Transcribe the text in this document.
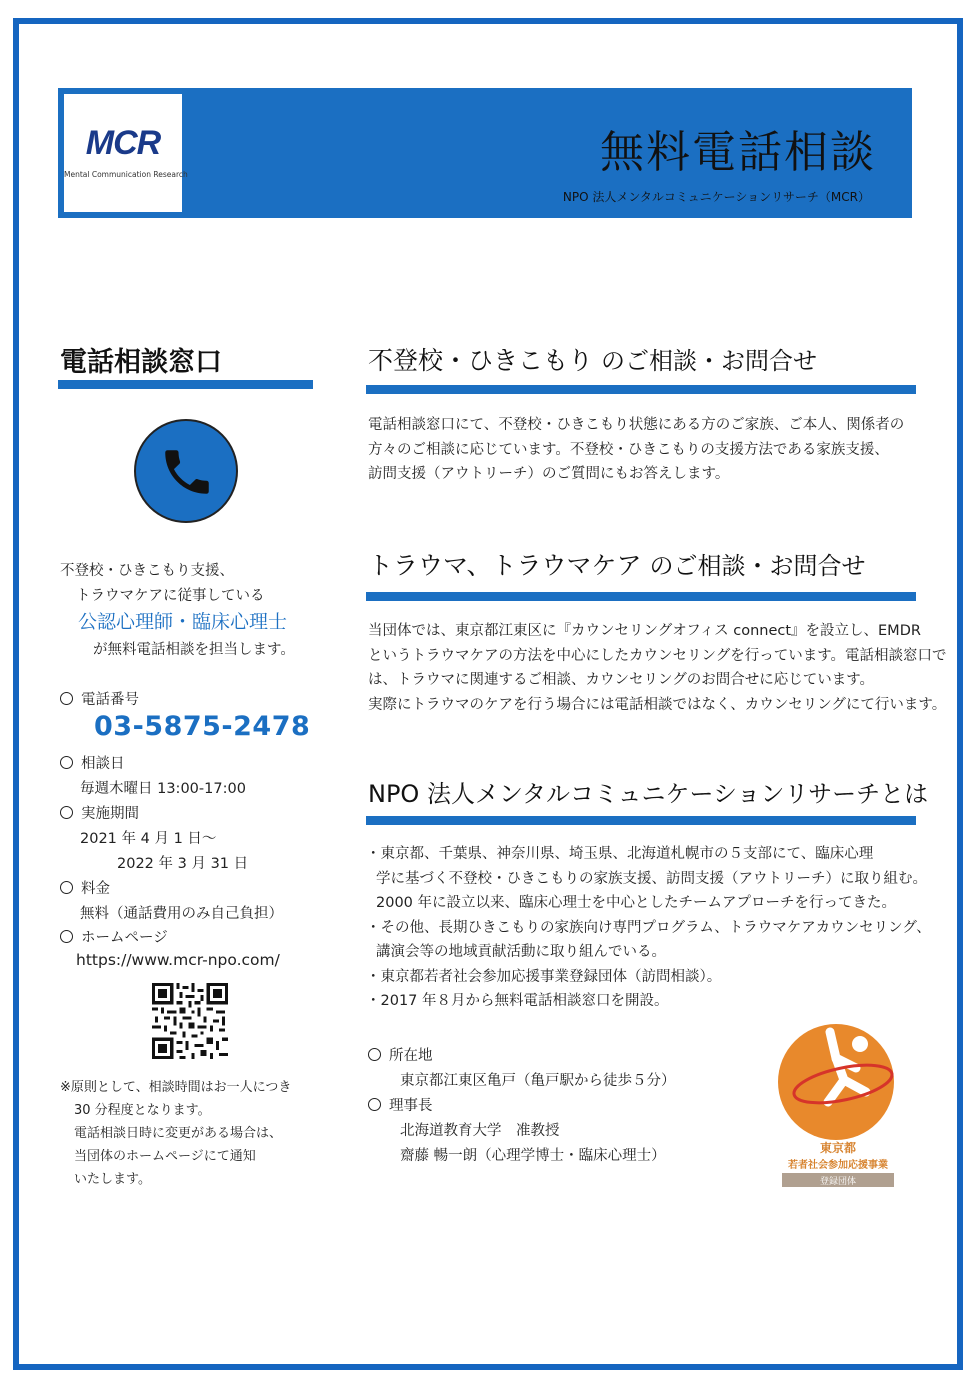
MCR
Mental Communication Research	無料電話相談
NPO 法人メンタルコミュニケーションリサーチ（MCR）
電話相談窓口
不登校・ひきこもり支援、
トラウマケアに従事している
公認心理師・臨床心理士
が無料電話相談を担当します。
電話番号
03-5875-2478
相談日
毎週木曜日 13:00-17:00
実施期間
2021 年 4 月 1 日～
2022 年 3 月 31 日
料金
無料（通話費用のみ自己負担）
ホームページ
https://www.mcr-npo.com/
※原則として、相談時間はお一人につき
30 分程度となります。
電話相談日時に変更がある場合は、
当団体のホームページにて通知
いたします。
不登校・ひきこもり のご相談・お問合せ
電話相談窓口にて、不登校・ひきこもり状態にある方のご家族、ご本人、関係者の
方々のご相談に応じています。不登校・ひきこもりの支援方法である家族支援、
訪問支援（アウトリーチ）のご質問にもお答えします。
トラウマ、トラウマケア のご相談・お問合せ
当団体では、東京都江東区に『カウンセリングオフィス connect』を設立し、EMDR
というトラウマケアの方法を中心にしたカウンセリングを行っています。電話相談窓口で
は、トラウマに関連するご相談、カウンセリングのお問合せに応じています。
実際にトラウマのケアを行う場合には電話相談ではなく、カウンセリングにて行います。
NPO 法人メンタルコミュニケーションリサーチとは
・東京都、千葉県、神奈川県、埼玉県、北海道札幌市の５支部にて、臨床心理
学に基づく不登校・ひきこもりの家族支援、訪問支援（アウトリーチ）に取り組む。
2000 年に設立以来、臨床心理士を中心としたチームアプローチを行ってきた。
・その他、長期ひきこもりの家族向け専門プログラム、トラウマケアカウンセリング、
講演会等の地域貢献活動に取り組んでいる。
・東京都若者社会参加応援事業登録団体（訪問相談）。
・2017 年８月から無料電話相談窓口を開設。
所在地
東京都江東区亀戸（亀戸駅から徒歩５分）
理事長
北海道教育大学　准教授
齋藤 暢一朗（心理学博士・臨床心理士）	東京都
若者社会参加応援事業
登録団体
